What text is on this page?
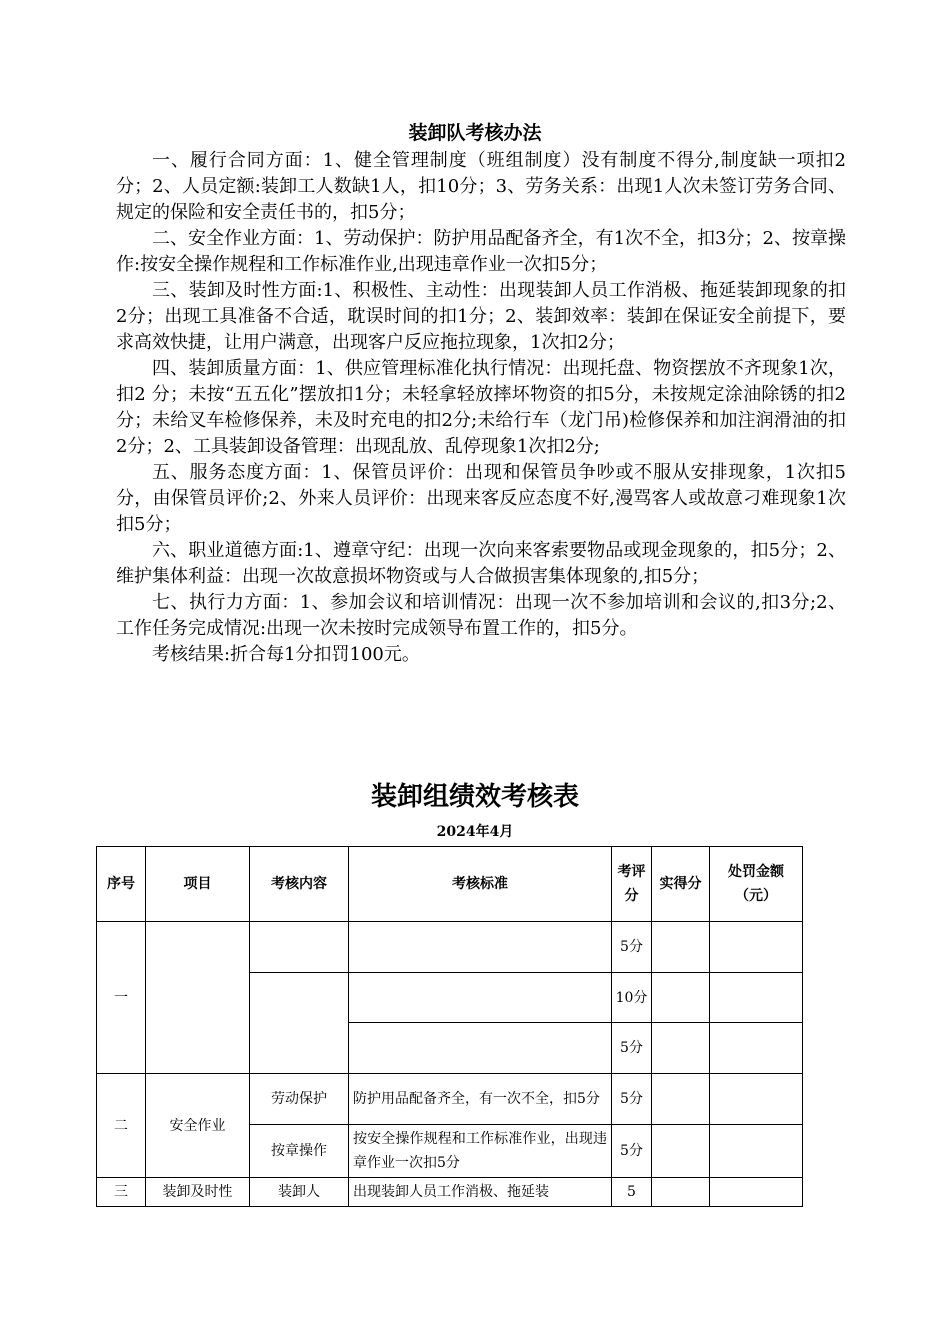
装卸队考核办法

一、履行合同方面：1、健全管理制度（班组制度）没有制度不得分,制度缺一项扣2分；2、人员定额:装卸工人数缺1人，扣10分；3、劳务关系：出现1人次未签订劳务合同、规定的保险和安全责任书的，扣5分；

二、安全作业方面：1、劳动保护：防护用品配备齐全，有1次不全，扣3分；2、按章操作:按安全操作规程和工作标准作业,出现违章作业一次扣5分；

三、装卸及时性方面:1、积极性、主动性：出现装卸人员工作消极、拖延装卸现象的扣2分；出现工具准备不合适，耽误时间的扣1分；2、装卸效率：装卸在保证安全前提下，要求高效快捷，让用户满意，出现客户反应拖拉现象，1次扣2分；

四、装卸质量方面：1、供应管理标准化执行情况：出现托盘、物资摆放不齐现象1次，扣2 分；未按“五五化”摆放扣1分；未轻拿轻放摔坏物资的扣5分，未按规定涂油除锈的扣2分；未给叉车检修保养，未及时充电的扣2分;未给行车（龙门吊)检修保养和加注润滑油的扣2分；2、工具装卸设备管理：出现乱放、乱停现象1次扣2分;

五、服务态度方面：1、保管员评价：出现和保管员争吵或不服从安排现象，1次扣5分，由保管员评价;2、外来人员评价：出现来客反应态度不好,漫骂客人或故意刁难现象1次扣5分；

六、职业道德方面:1、遵章守纪：出现一次向来客索要物品或现金现象的，扣5分；2、维护集体利益：出现一次故意损坏物资或与人合做损害集体现象的,扣5分；

七、执行力方面：1、参加会议和培训情况：出现一次不参加培训和会议的,扣3分;2、工作任务完成情况:出现一次未按时完成领导布置工作的，扣5分。

考核结果:折合每1分扣罚100元。

装卸组绩效考核表
2024年4月
序号	项目	考核内容	考核标准	考评分	实得分	处罚金额（元）
一				5分		
				10分		
				5分		
二	安全作业	劳动保护	防护用品配备齐全，有一次不全，扣5分	5分		
		按章操作	按安全操作规程和工作标准作业，出现违章作业一次扣5分	5分		
三	装卸及时性	装卸人	出现装卸人员工作消极、拖延装	5		
